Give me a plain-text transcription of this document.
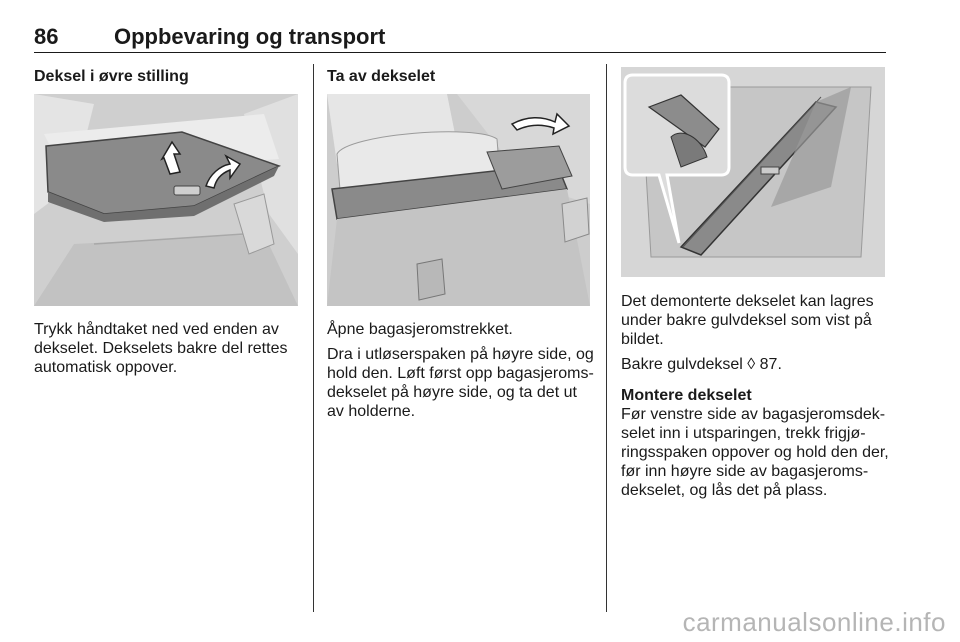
86	Oppbevaring og transport
Deksel i øvre stilling

Trykk håndtaket ned ved enden av dekselet. Dekselets bakre del rettes automatisk oppover.

Ta av dekselet

Åpne bagasjeromstrekket.

Dra i utløserspaken på høyre side, og hold den. Løft først opp bagasjeromsdekselet på høyre side, og ta det ut av holderne.

Det demonterte dekselet kan lagres under bakre gulvdeksel som vist på bildet.

Bakre gulvdeksel ◊ 87.

Montere dekselet

Før venstre side av bagasjeromsdekselet inn i utsparingen, trekk frigjøringsspaken oppover og hold den der, før inn høyre side av bagasjeromsdekselet, og lås det på plass.

carmanualsonline.info
